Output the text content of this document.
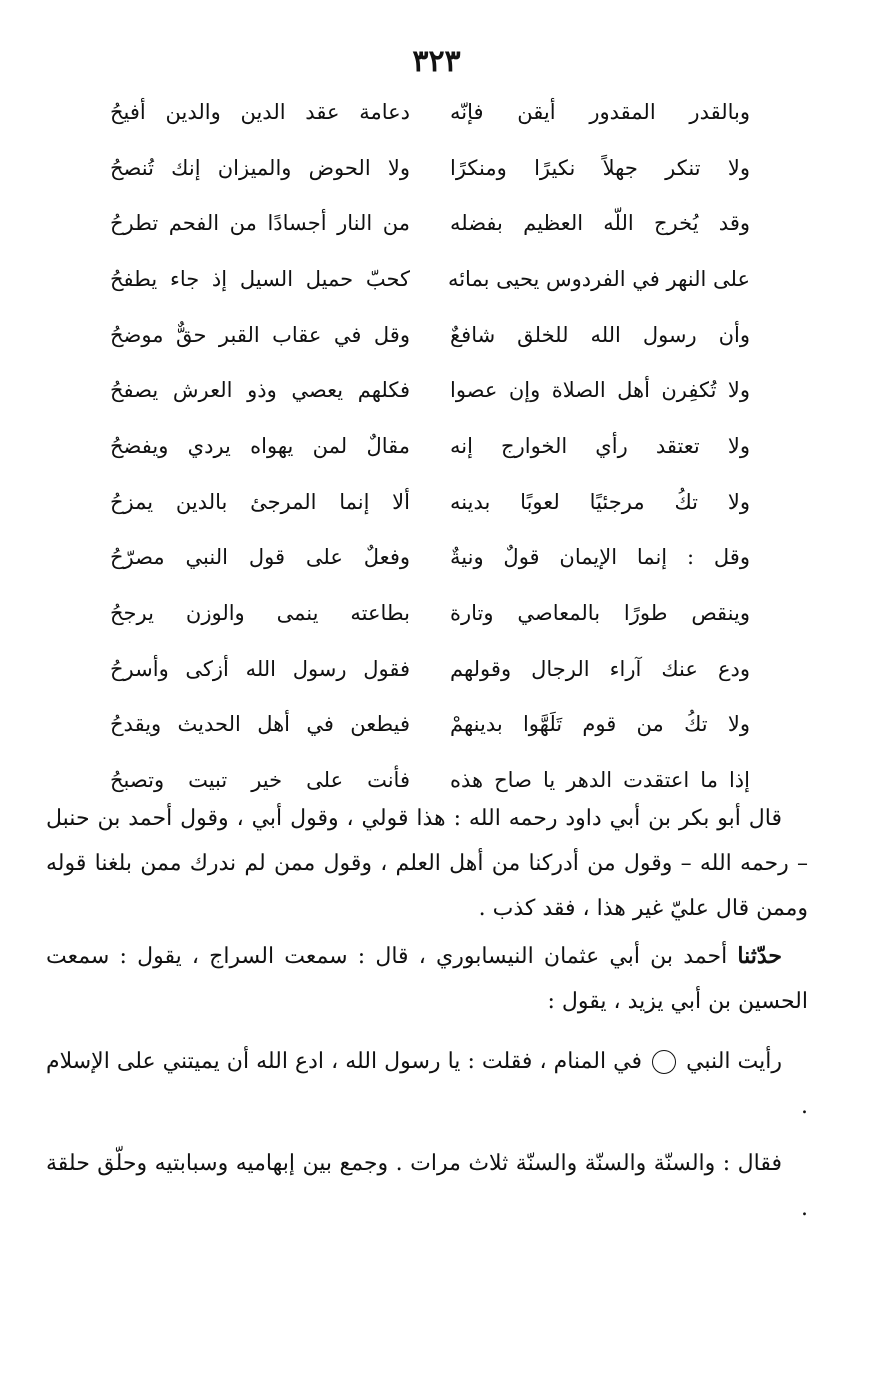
٣٢٣
وبالقدر المقدور أيقن فإنّه
دعامة عقد الدين والدين أفيحُ
ولا تنكر جهلاً نكيرًا ومنكرًا
ولا الحوض والميزان إنك تُنصحُ
وقد يُخرج اللّه العظيم بفضله
من النار أجسادًا من الفحم تطرحُ
على النهر في الفردوس يحيى بمائه
كحبّ حميل السيل إذ جاء يطفحُ
وأن رسول الله للخلق شافعٌ
وقل في عقاب القبر حقٌّ موضحُ
ولا تُكفِرن أهل الصلاة وإن عصوا
فكلهم يعصي وذو العرش يصفحُ
ولا تعتقد رأي الخوارج إنه
مقالٌ لمن يهواه يردي ويفضحُ
ولا تكُ مرجئيًا لعوبًا بدينه
ألا إنما المرجئ بالدين يمزحُ
وقل : إنما الإيمان قولٌ ونيةٌ
وفعلٌ على قول النبي مصرّحُ
وينقص طورًا بالمعاصي وتارة
بطاعته ينمى والوزن يرجحُ
ودع عنك آراء الرجال وقولهم
فقول رسول الله أزكى وأسرحُ
ولا تكُ من قوم تَلَهَّوا بدينهمْ
فيطعن في أهل الحديث ويقدحُ
إذا ما اعتقدت الدهر يا صاح هذه
فأنت على خير تبيت وتصبحُ

قال أبو بكر بن أبي داود رحمه الله : هذا قولي ، وقول أبي ، وقول أحمد بن حنبل – رحمه الله – وقول من أدركنا من أهل العلم ، وقول ممن لم ندرك ممن بلغنا قوله وممن قال عليّ غير هذا ، فقد كذب .

حدّثنا أحمد بن أبي عثمان النيسابوري ، قال : سمعت السراج ، يقول : سمعت الحسين بن أبي يزيد ، يقول :

رأيت النبي  في المنام ، فقلت : يا رسول الله ، ادع الله أن يميتني على الإسلام .

فقال : والسنّة والسنّة والسنّة ثلاث مرات . وجمع بين إبهاميه وسبابتيه وحلّق حلقة .
